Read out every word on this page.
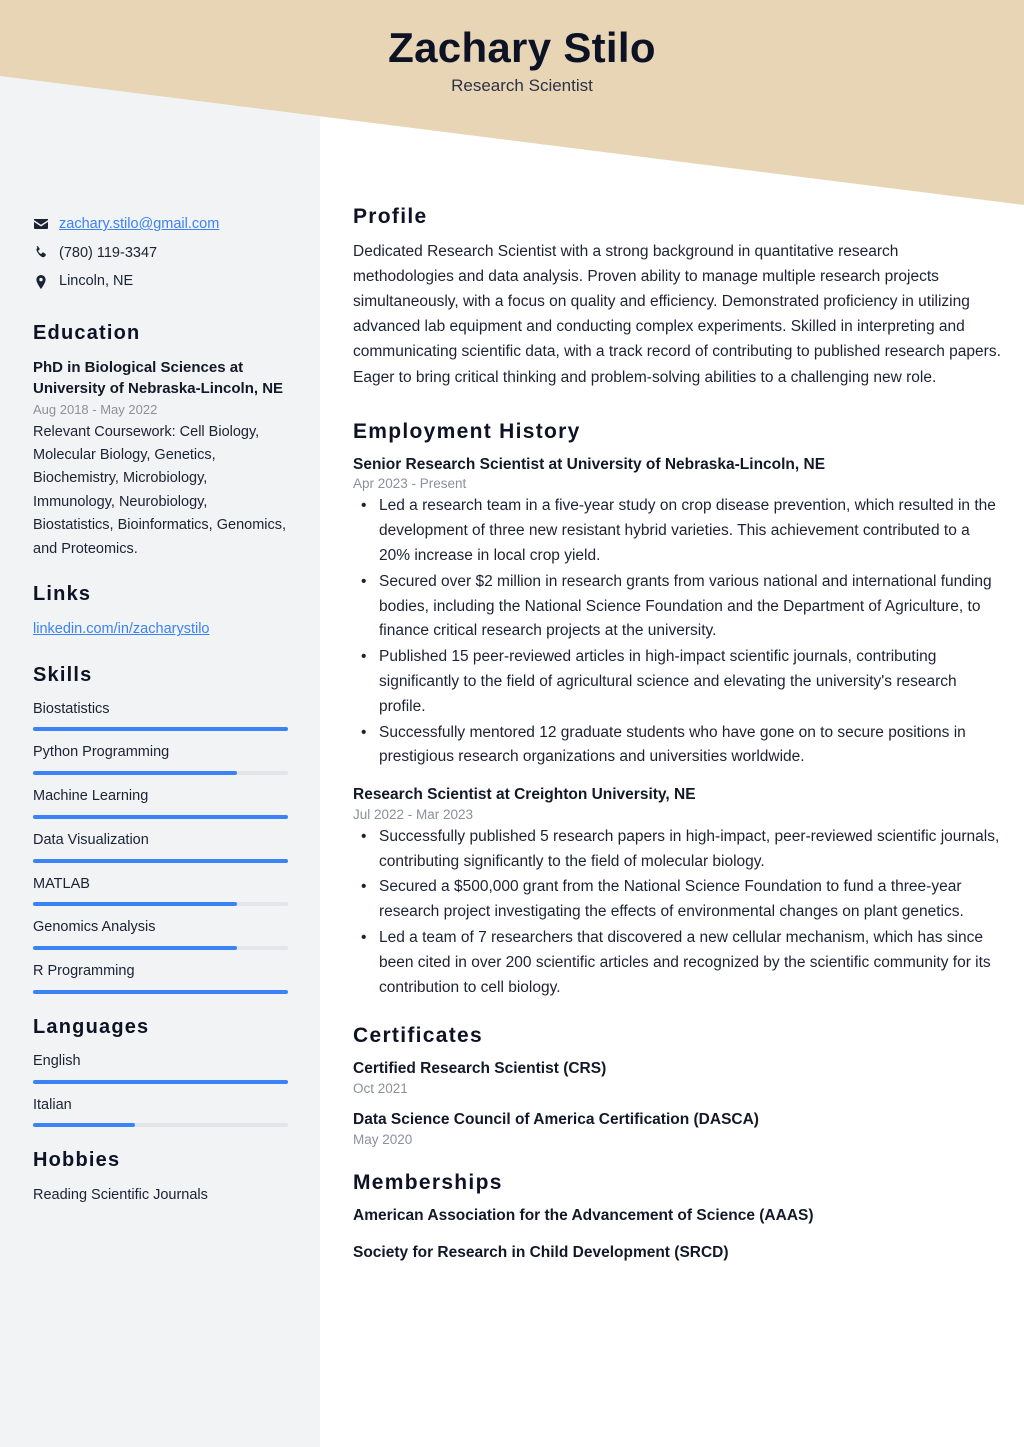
Zachary Stilo
Research Scientist
zachary.stilo@gmail.com
(780) 119-3347
Lincoln, NE
Education
PhD in Biological Sciences at University of Nebraska-Lincoln, NE
Aug 2018 - May 2022
Relevant Coursework: Cell Biology, Molecular Biology, Genetics, Biochemistry, Microbiology, Immunology, Neurobiology, Biostatistics, Bioinformatics, Genomics, and Proteomics.
Links
linkedin.com/in/zacharystilo
Skills
Biostatistics
Python Programming
Machine Learning
Data Visualization
MATLAB
Genomics Analysis
R Programming
Languages
English
Italian
Hobbies
Reading Scientific Journals
Profile

Dedicated Research Scientist with a strong background in quantitative research methodologies and data analysis. Proven ability to manage multiple research projects simultaneously, with a focus on quality and efficiency. Demonstrated proficiency in utilizing advanced lab equipment and conducting complex experiments. Skilled in interpreting and communicating scientific data, with a track record of contributing to published research papers. Eager to bring critical thinking and problem-solving abilities to a challenging new role.

Employment History
Senior Research Scientist at University of Nebraska-Lincoln, NE
Apr 2023 - Present
• Led a research team in a five-year study on crop disease prevention, which resulted in the development of three new resistant hybrid varieties. This achievement contributed to a 20% increase in local crop yield.
• Secured over $2 million in research grants from various national and international funding bodies, including the National Science Foundation and the Department of Agriculture, to finance critical research projects at the university.
• Published 15 peer-reviewed articles in high-impact scientific journals, contributing significantly to the field of agricultural science and elevating the university's research profile.
• Successfully mentored 12 graduate students who have gone on to secure positions in prestigious research organizations and universities worldwide.
Research Scientist at Creighton University, NE
Jul 2022 - Mar 2023
• Successfully published 5 research papers in high-impact, peer-reviewed scientific journals, contributing significantly to the field of molecular biology.
• Secured a $500,000 grant from the National Science Foundation to fund a three-year research project investigating the effects of environmental changes on plant genetics.
• Led a team of 7 researchers that discovered a new cellular mechanism, which has since been cited in over 200 scientific articles and recognized by the scientific community for its contribution to cell biology.
Certificates
Certified Research Scientist (CRS)
Oct 2021
Data Science Council of America Certification (DASCA)
May 2020
Memberships
American Association for the Advancement of Science (AAAS)
Society for Research in Child Development (SRCD)
